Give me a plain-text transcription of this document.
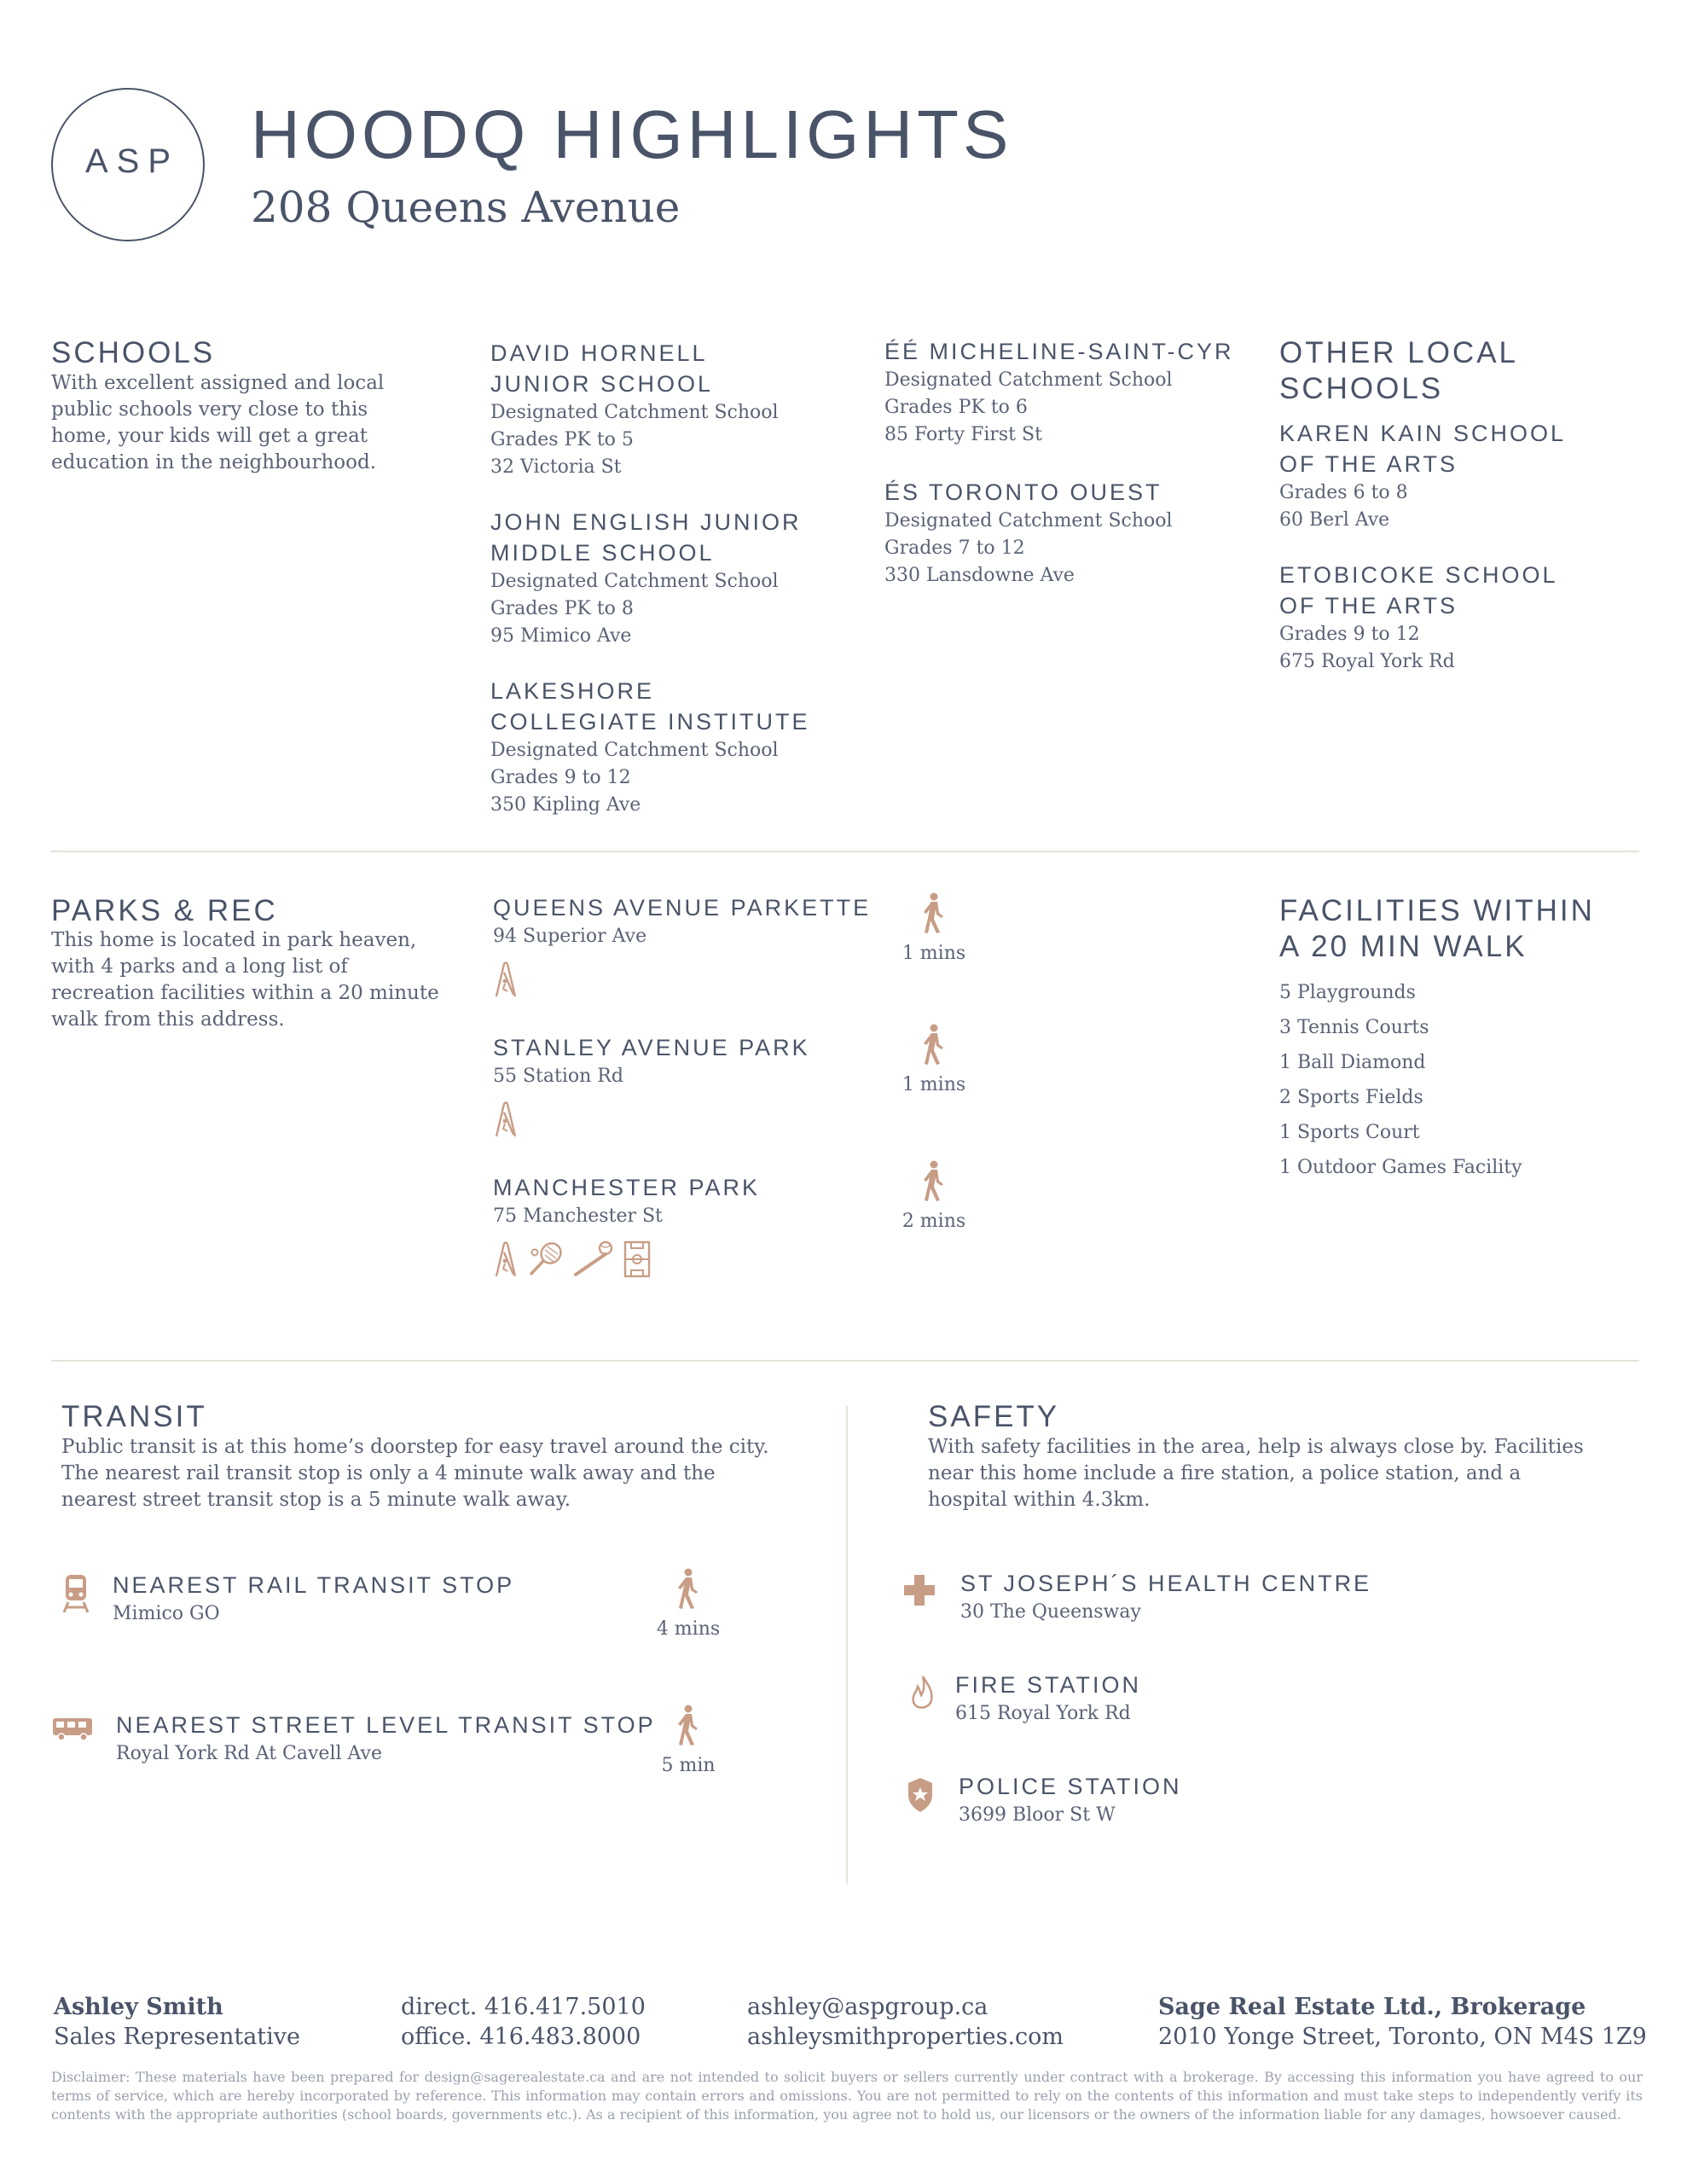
ASP	HOODQ HIGHLIGHTS
208 Queens Avenue
SCHOOLS
With excellent assigned and local public schools very close to this home, your kids will get a great education in the neighbourhood.
DAVID HORNELL
JUNIOR SCHOOL
Designated Catchment School
Grades PK to 5
32 Victoria St
JOHN ENGLISH JUNIOR
MIDDLE SCHOOL
Designated Catchment School
Grades PK to 8
95 Mimico Ave
LAKESHORE
COLLEGIATE INSTITUTE
Designated Catchment School
Grades 9 to 12
350 Kipling Ave
ÉÉ MICHELINE-SAINT-CYR
Designated Catchment School
Grades PK to 6
85 Forty First St
ÉS TORONTO OUEST
Designated Catchment School
Grades 7 to 12
330 Lansdowne Ave
OTHER LOCAL
SCHOOLS
KAREN KAIN SCHOOL
OF THE ARTS
Grades 6 to 8
60 Berl Ave
ETOBICOKE SCHOOL
OF THE ARTS
Grades 9 to 12
675 Royal York Rd
PARKS & REC
This home is located in park heaven, with 4 parks and a long list of recreation facilities within a 20 minute walk from this address.
QUEENS AVENUE PARKETTE
94 Superior Ave
1 mins
STANLEY AVENUE PARK
55 Station Rd	1 mins
MANCHESTER PARK
75 Manchester St	2 mins
FACILITIES WITHIN
A 20 MIN WALK
5 Playgrounds
3 Tennis Courts
1 Ball Diamond
2 Sports Fields
1 Sports Court
1 Outdoor Games Facility
TRANSIT
Public transit is at this home’s doorstep for easy travel around the city. The nearest rail transit stop is only a 4 minute walk away and the nearest street transit stop is a 5 minute walk away.
NEAREST RAIL TRANSIT STOP
Mimico GO
4 mins
NEAREST STREET LEVEL TRANSIT STOP
Royal York Rd At Cavell Ave
5 min
SAFETY
With safety facilities in the area, help is always close by. Facilities near this home include a fire station, a police station, and a hospital within 4.3km.
ST JOSEPH´S HEALTH CENTRE
30 The Queensway
FIRE STATION
615 Royal York Rd
POLICE STATION
3699 Bloor St W
Ashley Smith
Sales Representative
direct. 416.417.5010
office. 416.483.8000
ashley@aspgroup.ca
ashleysmithproperties.com
Sage Real Estate Ltd., Brokerage
2010 Yonge Street, Toronto, ON M4S 1Z9
Disclaimer: These materials have been prepared for design@sagerealestate.ca and are not intended to solicit buyers or sellers currently under contract with a brokerage. By accessing this information you have agreed to our terms of service, which are hereby incorporated by reference. This information may contain errors and omissions. You are not permitted to rely on the contents of this information and must take steps to independently verify its contents with the appropriate authorities (school boards, governments etc.). As a recipient of this information, you agree not to hold us, our licensors or the owners of the information liable for any damages, howsoever caused.
